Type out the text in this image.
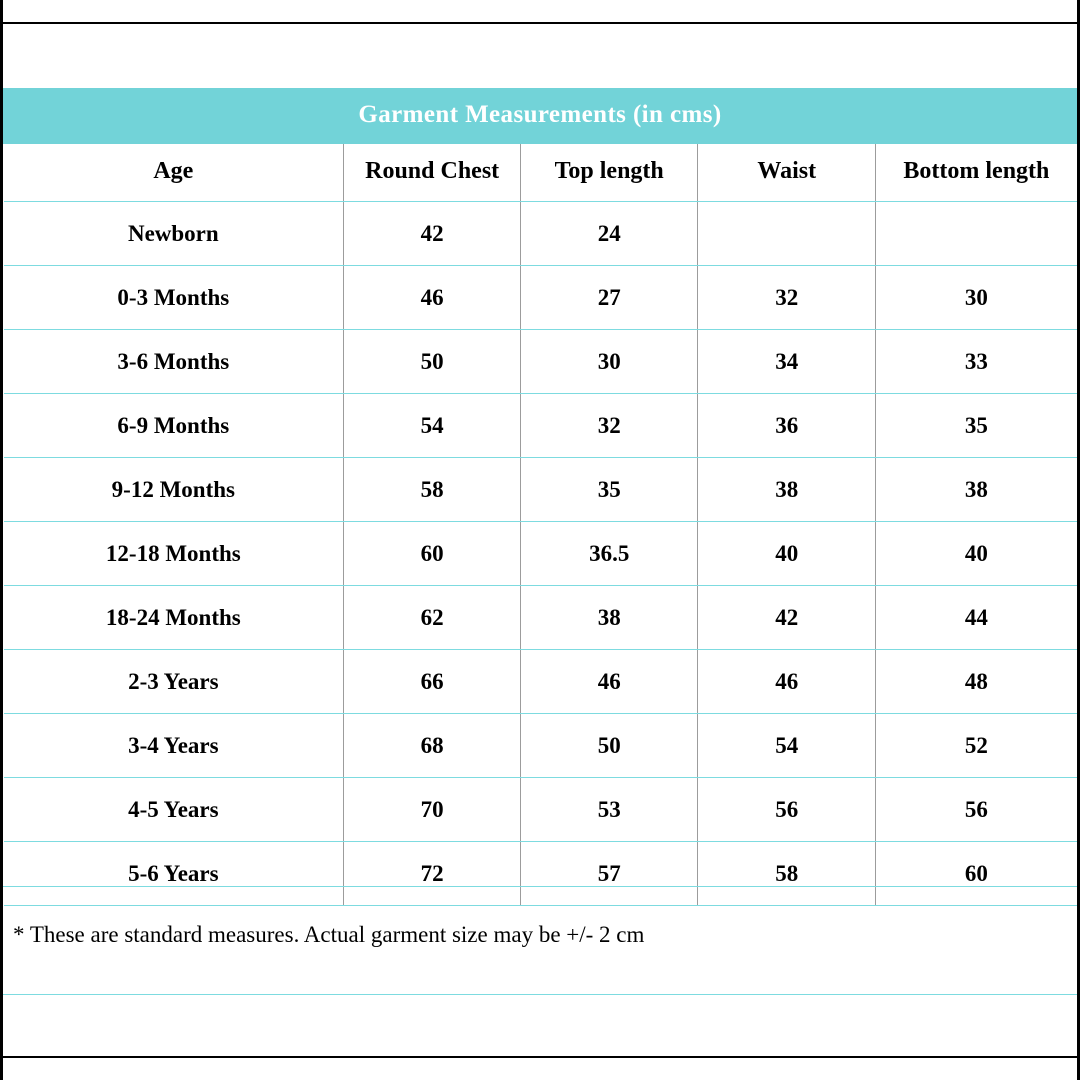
Garment Measurements (in cms)				
Age	Round Chest	Top length	Waist	Bottom length
Newborn	42	24		
0-3 Months	46	27	32	30
3-6 Months	50	30	34	33
6-9 Months	54	32	36	35
9-12 Months	58	35	38	38
12-18 Months	60	36.5	40	40
18-24 Months	62	38	42	44
2-3 Years	66	46	46	48
3-4 Years	68	50	54	52
4-5 Years	70	53	56	56
5-6 Years	72	57	58	60
* These are standard measures. Actual garment size may be +/- 2 cm
